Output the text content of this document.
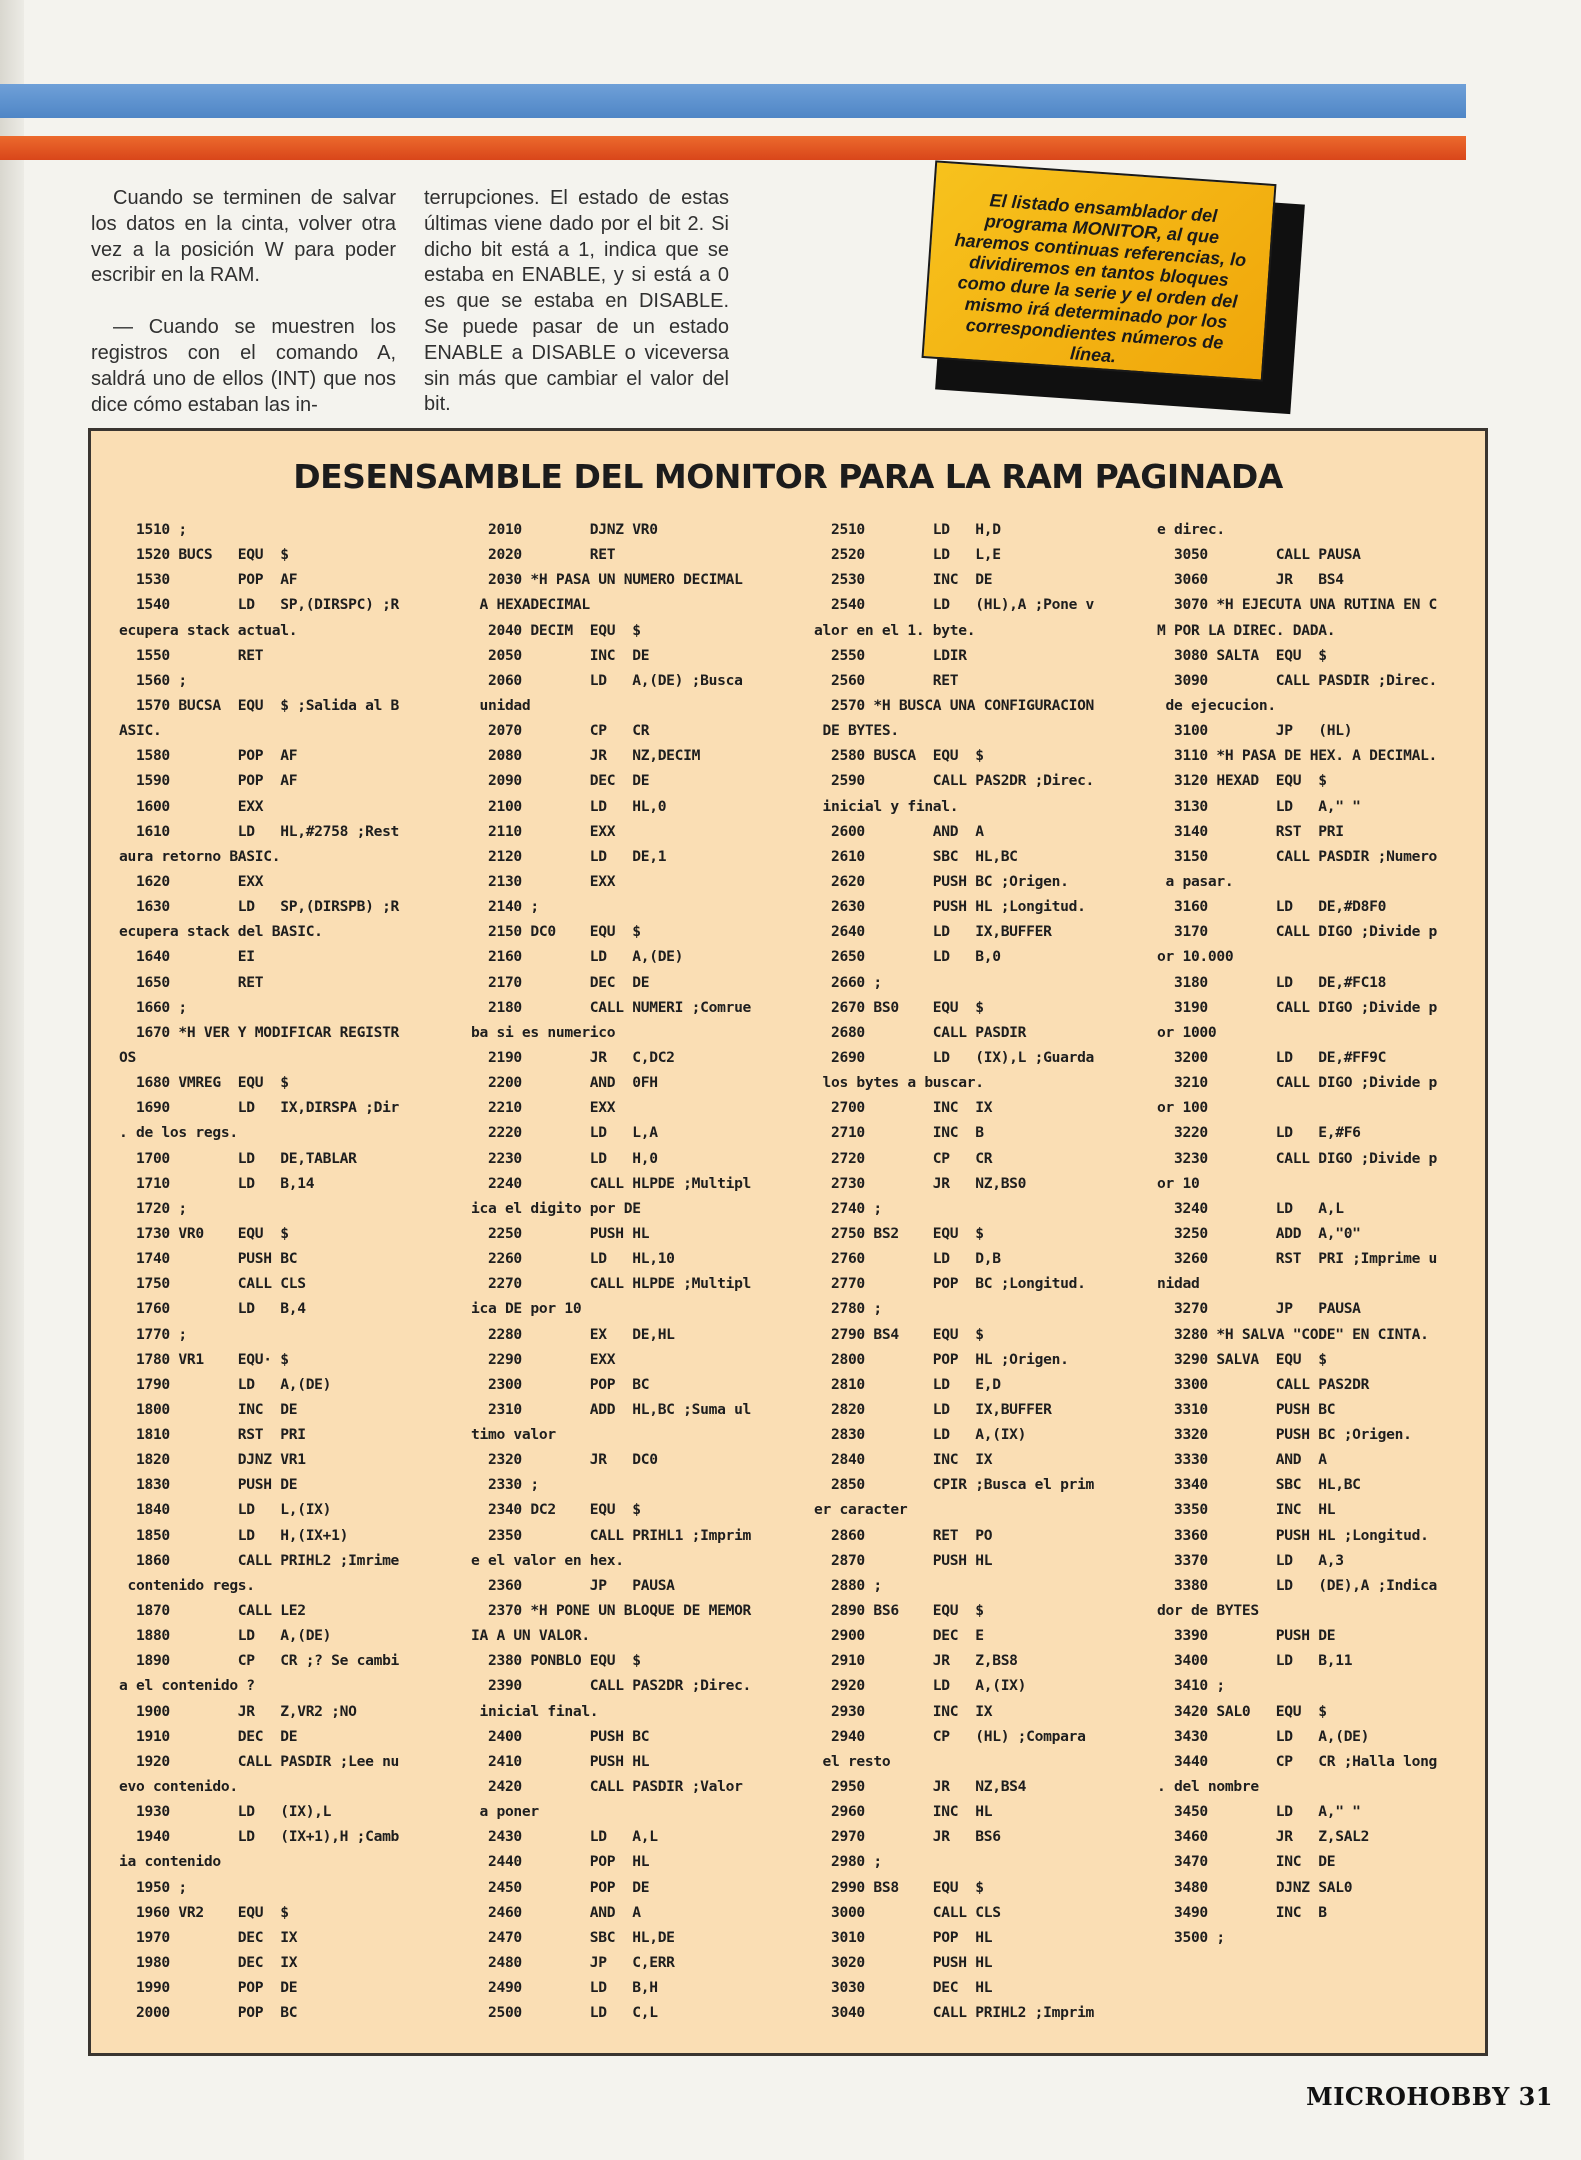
Cuando se terminen de salvar los datos en la cinta, volver otra vez a la posición W para poder escribir en la RAM.

— Cuando se muestren los registros con el comando A, saldrá uno de ellos (INT) que nos dice cómo estaban las in-

terrupciones. El estado de estas últimas viene dado por el bit 2. Si dicho bit está a 1, indica que se estaba en ENABLE, y si está a 0 es que se estaba en DISABLE. Se puede pasar de un estado ENABLE a DISABLE o viceversa sin más que cambiar el valor del bit.

El listado ensamblador del programa MONITOR, al que haremos continuas referencias, lo dividiremos en tantos bloques como dure la serie y el orden del mismo irá determinado por los correspondientes números de línea.
DESENSAMBLE DEL MONITOR PARA LA RAM PAGINADA
1510 ;
1520 BUCS   EQU  $
1530        POP  AF
1540        LD   SP,(DIRSPC) ;R
ecupera stack actual.
1550        RET
1560 ;
1570 BUCSA  EQU  $ ;Salida al B
ASIC.
1580        POP  AF
1590        POP  AF
1600        EXX
1610        LD   HL,#2758 ;Rest
aura retorno BASIC.
1620        EXX
1630        LD   SP,(DIRSPB) ;R
ecupera stack del BASIC.
1640        EI
1650        RET
1660 ;
1670 *H VER Y MODIFICAR REGISTR
OS
1680 VMREG  EQU  $
1690        LD   IX,DIRSPA ;Dir
. de los regs.
1700        LD   DE,TABLAR
1710        LD   B,14
1720 ;
1730 VR0    EQU  $
1740        PUSH BC
1750        CALL CLS
1760        LD   B,4
1770 ;
1780 VR1    EQU· $
1790        LD   A,(DE)
1800        INC  DE
1810        RST  PRI
1820        DJNZ VR1
1830        PUSH DE
1840        LD   L,(IX)
1850        LD   H,(IX+1)
1860        CALL PRIHL2 ;Imrime
contenido regs.
1870        CALL LE2
1880        LD   A,(DE)
1890        CP   CR ;? Se cambi
a el contenido ?
1900        JR   Z,VR2 ;NO
1910        DEC  DE
1920        CALL PASDIR ;Lee nu
evo contenido.
1930        LD   (IX),L
1940        LD   (IX+1),H ;Camb
ia contenido
1950 ;
1960 VR2    EQU  $
1970        DEC  IX
1980        DEC  IX
1990        POP  DE
2000        POP  BC
2010        DJNZ VR0
2020        RET
2030 *H PASA UN NUMERO DECIMAL
A HEXADECIMAL
2040 DECIM  EQU  $
2050        INC  DE
2060        LD   A,(DE) ;Busca
unidad
2070        CP   CR
2080        JR   NZ,DECIM
2090        DEC  DE
2100        LD   HL,0
2110        EXX
2120        LD   DE,1
2130        EXX
2140 ;
2150 DC0    EQU  $
2160        LD   A,(DE)
2170        DEC  DE
2180        CALL NUMERI ;Comrue
ba si es numerico
2190        JR   C,DC2
2200        AND  0FH
2210        EXX
2220        LD   L,A
2230        LD   H,0
2240        CALL HLPDE ;Multipl
ica el digito por DE
2250        PUSH HL
2260        LD   HL,10
2270        CALL HLPDE ;Multipl
ica DE por 10
2280        EX   DE,HL
2290        EXX
2300        POP  BC
2310        ADD  HL,BC ;Suma ul
timo valor
2320        JR   DC0
2330 ;
2340 DC2    EQU  $
2350        CALL PRIHL1 ;Imprim
e el valor en hex.
2360        JP   PAUSA
2370 *H PONE UN BLOQUE DE MEMOR
IA A UN VALOR.
2380 PONBLO EQU  $
2390        CALL PAS2DR ;Direc.
inicial final.
2400        PUSH BC
2410        PUSH HL
2420        CALL PASDIR ;Valor
a poner
2430        LD   A,L
2440        POP  HL
2450        POP  DE
2460        AND  A
2470        SBC  HL,DE
2480        JP   C,ERR
2490        LD   B,H
2500        LD   C,L
2510        LD   H,D
2520        LD   L,E
2530        INC  DE
2540        LD   (HL),A ;Pone v
alor en el 1. byte.
2550        LDIR
2560        RET
2570 *H BUSCA UNA CONFIGURACION
DE BYTES.
2580 BUSCA  EQU  $
2590        CALL PAS2DR ;Direc.
inicial y final.
2600        AND  A
2610        SBC  HL,BC
2620        PUSH BC ;Origen.
2630        PUSH HL ;Longitud.
2640        LD   IX,BUFFER
2650        LD   B,0
2660 ;
2670 BS0    EQU  $
2680        CALL PASDIR
2690        LD   (IX),L ;Guarda
los bytes a buscar.
2700        INC  IX
2710        INC  B
2720        CP   CR
2730        JR   NZ,BS0
2740 ;
2750 BS2    EQU  $
2760        LD   D,B
2770        POP  BC ;Longitud.
2780 ;
2790 BS4    EQU  $
2800        POP  HL ;Origen.
2810        LD   E,D
2820        LD   IX,BUFFER
2830        LD   A,(IX)
2840        INC  IX
2850        CPIR ;Busca el prim
er caracter
2860        RET  PO
2870        PUSH HL
2880 ;
2890 BS6    EQU  $
2900        DEC  E
2910        JR   Z,BS8
2920        LD   A,(IX)
2930        INC  IX
2940        CP   (HL) ;Compara
el resto
2950        JR   NZ,BS4
2960        INC  HL
2970        JR   BS6
2980 ;
2990 BS8    EQU  $
3000        CALL CLS
3010        POP  HL
3020        PUSH HL
3030        DEC  HL
3040        CALL PRIHL2 ;Imprim
e direc.
3050        CALL PAUSA
3060        JR   BS4
3070 *H EJECUTA UNA RUTINA EN C
M POR LA DIREC. DADA.
3080 SALTA  EQU  $
3090        CALL PASDIR ;Direc.
de ejecucion.
3100        JP   (HL)
3110 *H PASA DE HEX. A DECIMAL.
3120 HEXAD  EQU  $
3130        LD   A," "
3140        RST  PRI
3150        CALL PASDIR ;Numero
a pasar.
3160        LD   DE,#D8F0
3170        CALL DIGO ;Divide p
or 10.000
3180        LD   DE,#FC18
3190        CALL DIGO ;Divide p
or 1000
3200        LD   DE,#FF9C
3210        CALL DIGO ;Divide p
or 100
3220        LD   E,#F6
3230        CALL DIGO ;Divide p
or 10
3240        LD   A,L
3250        ADD  A,"0"
3260        RST  PRI ;Imprime u
nidad
3270        JP   PAUSA
3280 *H SALVA "CODE" EN CINTA.
3290 SALVA  EQU  $
3300        CALL PAS2DR
3310        PUSH BC
3320        PUSH BC ;Origen.
3330        AND  A
3340        SBC  HL,BC
3350        INC  HL
3360        PUSH HL ;Longitud.
3370        LD   A,3
3380        LD   (DE),A ;Indica
dor de BYTES
3390        PUSH DE
3400        LD   B,11
3410 ;
3420 SAL0   EQU  $
3430        LD   A,(DE)
3440        CP   CR ;Halla long
. del nombre
3450        LD   A," "
3460        JR   Z,SAL2
3470        INC  DE
3480        DJNZ SAL0
3490        INC  B
3500 ;
MICROHOBBY 31
